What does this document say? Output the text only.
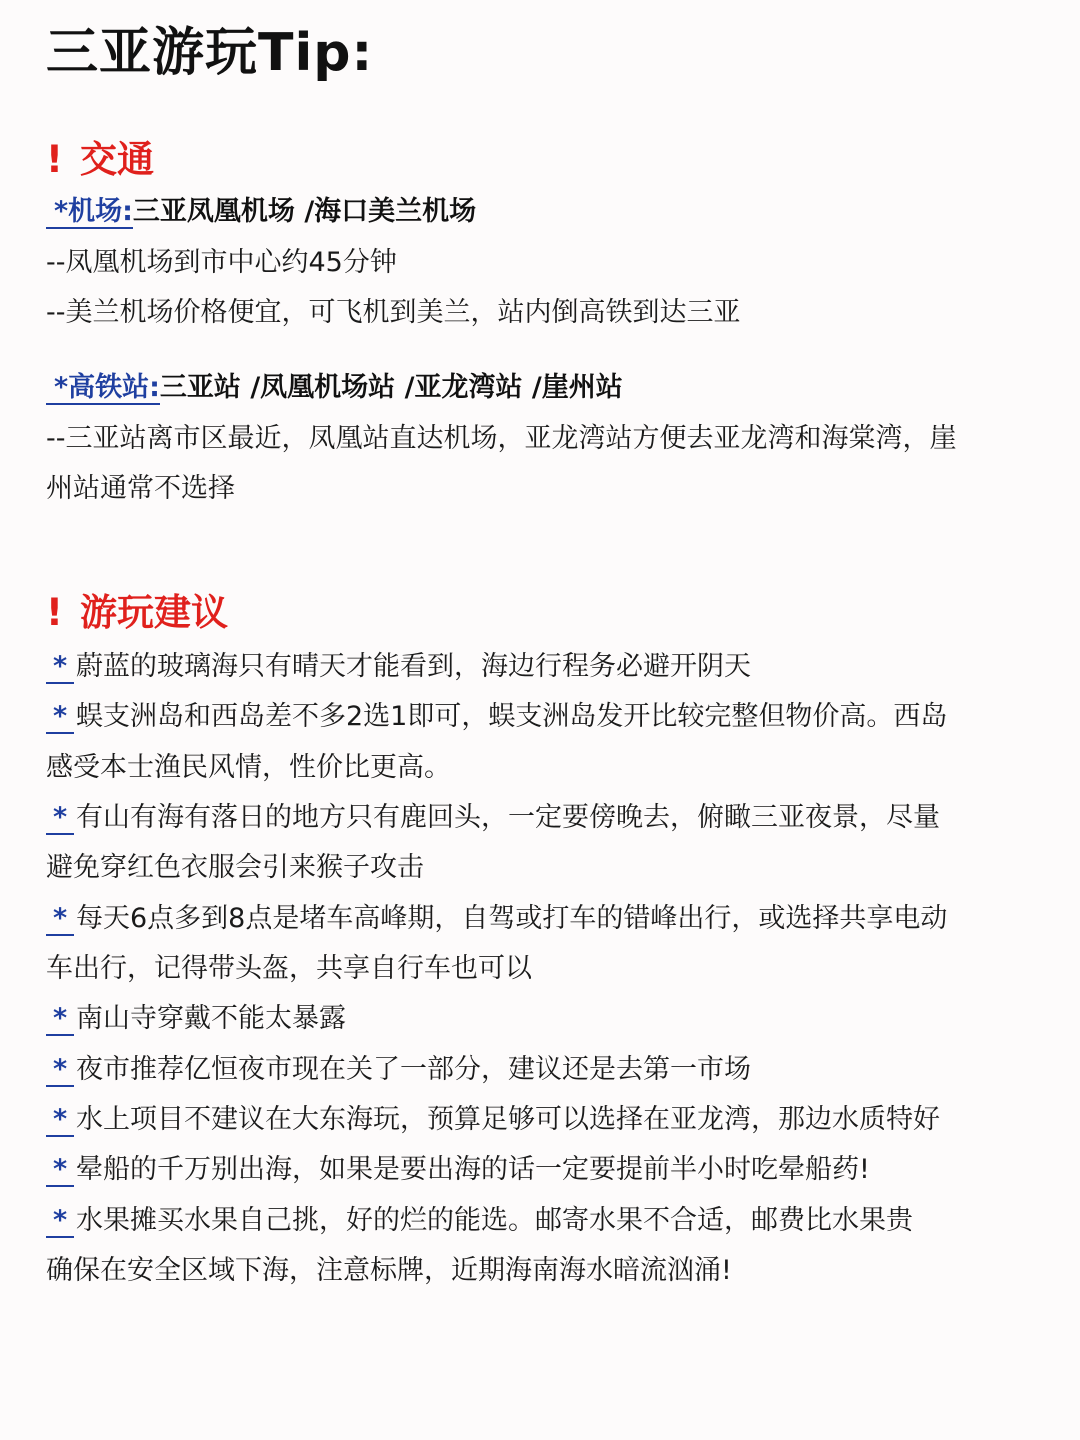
三亚游玩Tip:
! 交通
*机场:三亚凤凰机场 /海口美兰机场
--凤凰机场到市中心约45分钟
--美兰机场价格便宜，可飞机到美兰，站内倒高铁到达三亚
*高铁站:三亚站 /凤凰机场站 /亚龙湾站 /崖州站
--三亚站离市区最近，凤凰站直达机场，亚龙湾站方便去亚龙湾和海棠湾，崖
州站通常不选择
! 游玩建议
* 蔚蓝的玻璃海只有晴天才能看到，海边行程务必避开阴天
* 蜈支洲岛和西岛差不多2选1即可，蜈支洲岛发开比较完整但物价高。西岛
感受本士渔民风情，性价比更高。
* 有山有海有落日的地方只有鹿回头，一定要傍晚去，俯瞰三亚夜景，尽量
避免穿红色衣服会引来猴子攻击
* 每天6点多到8点是堵车高峰期，自驾或打车的错峰出行，或选择共享电动
车出行，记得带头盔，共享自行车也可以
* 南山寺穿戴不能太暴露
* 夜市推荐亿恒夜市现在关了一部分，建议还是去第一市场
* 水上项目不建议在大东海玩，预算足够可以选择在亚龙湾，那边水质特好
* 晕船的千万别出海，如果是要出海的话一定要提前半小时吃晕船药!
* 水果摊买水果自己挑，好的烂的能选。邮寄水果不合适，邮费比水果贵
确保在安全区域下海，注意标牌，近期海南海水暗流汹涌!
